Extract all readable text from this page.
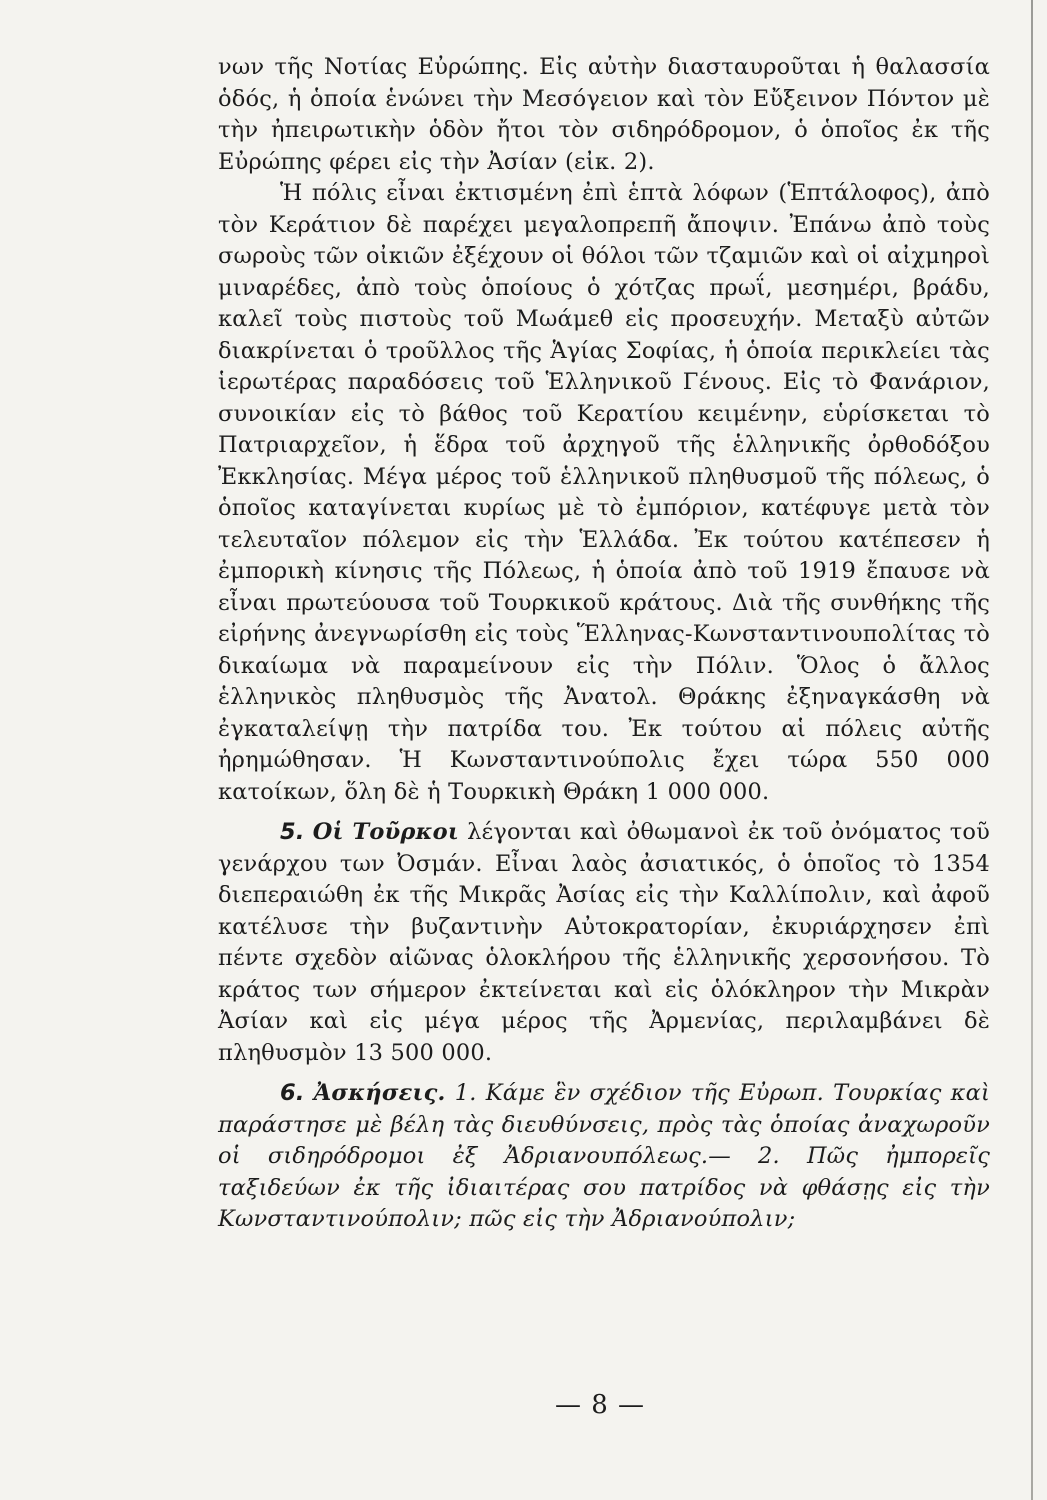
νων τῆς Νοτίας Εὐρώπης. Εἰς αὐτὴν διασταυροῦται ἡ θαλασσία ὁδός, ἡ ὁποία ἑνώνει τὴν Μεσόγειον καὶ τὸν Εὔξεινον Πόντον μὲ τὴν ἠπειρωτικὴν ὁδὸν ἤτοι τὸν σιδηρόδρομον, ὁ ὁποῖος ἐκ τῆς Εὐρώπης φέρει εἰς τὴν Ἀσίαν (εἰκ. 2).

Ἡ πόλις εἶναι ἐκτισμένη ἐπὶ ἑπτὰ λόφων (Ἑπτάλοφος), ἀπὸ τὸν Κεράτιον δὲ παρέχει μεγαλοπρεπῆ ἄποψιν. Ἐπάνω ἀπὸ τοὺς σωροὺς τῶν οἰκιῶν ἐξέχουν οἱ θόλοι τῶν τζαμιῶν καὶ οἱ αἰχμηροὶ μιναρέδες, ἀπὸ τοὺς ὁποίους ὁ χότζας πρωΐ, μεσημέρι, βράδυ, καλεῖ τοὺς πιστοὺς τοῦ Μωάμεθ εἰς προσευχήν. Μεταξὺ αὐτῶν διακρίνεται ὁ τροῦλλος τῆς Ἁγίας Σοφίας, ἡ ὁποία περικλείει τὰς ἱερωτέρας παραδόσεις τοῦ Ἑλληνικοῦ Γένους. Εἰς τὸ Φανάριον, συνοικίαν εἰς τὸ βάθος τοῦ Κερατίου κειμένην, εὑρίσκεται τὸ Πατριαρχεῖον, ἡ ἕδρα τοῦ ἀρχηγοῦ τῆς ἑλληνικῆς ὀρθοδόξου Ἐκκλησίας. Μέγα μέρος τοῦ ἑλληνικοῦ πληθυσμοῦ τῆς πόλεως, ὁ ὁποῖος καταγίνεται κυρίως μὲ τὸ ἐμπόριον, κατέφυγε μετὰ τὸν τελευταῖον πόλεμον εἰς τὴν Ἑλλάδα. Ἐκ τούτου κατέπεσεν ἡ ἐμπορικὴ κίνησις τῆς Πόλεως, ἡ ὁποία ἀπὸ τοῦ 1919 ἔπαυσε νὰ εἶναι πρωτεύουσα τοῦ Τουρκικοῦ κράτους. Διὰ τῆς συνθήκης τῆς εἰρήνης ἀνεγνωρίσθη εἰς τοὺς Ἕλληνας-Κωνσταντινουπολίτας τὸ δικαίωμα νὰ παραμείνουν εἰς τὴν Πόλιν. Ὅλος ὁ ἄλλος ἑλληνικὸς πληθυσμὸς τῆς Ἀνατολ. Θράκης ἐξηναγκάσθη νὰ ἐγκαταλείψῃ τὴν πατρίδα του. Ἐκ τούτου αἱ πόλεις αὐτῆς ἠρημώθησαν. Ἡ Κωνσταντινούπολις ἔχει τώρα 550 000 κατοίκων, ὅλη δὲ ἡ Τουρκικὴ Θράκη 1 000 000.

5. Οἱ Τοῦρκοι λέγονται καὶ ὀθωμανοὶ ἐκ τοῦ ὀνόματος τοῦ γενάρχου των Ὀσμάν. Εἶναι λαὸς ἀσιατικός, ὁ ὁποῖος τὸ 1354 διεπεραιώθη ἐκ τῆς Μικρᾶς Ἀσίας εἰς τὴν Καλλίπολιν, καὶ ἀφοῦ κατέλυσε τὴν βυζαντινὴν Αὐτοκρατορίαν, ἐκυριάρχησεν ἐπὶ πέντε σχεδὸν αἰῶνας ὁλοκλήρου τῆς ἑλληνικῆς χερσονήσου. Τὸ κράτος των σήμερον ἐκτείνεται καὶ εἰς ὁλόκληρον τὴν Μικρὰν Ἀσίαν καὶ εἰς μέγα μέρος τῆς Ἀρμενίας, περιλαμβάνει δὲ πληθυσμὸν 13 500 000.

6. Ἀσκήσεις. 1. Κάμε ἓν σχέδιον τῆς Εὐρωπ. Τουρκίας καὶ παράστησε μὲ βέλη τὰς διευθύνσεις, πρὸς τὰς ὁποίας ἀναχωροῦν οἱ σιδηρόδρομοι ἐξ Ἀδριανουπόλεως.— 2. Πῶς ἠμπορεῖς ταξιδεύων ἐκ τῆς ἰδιαιτέρας σου πατρίδος νὰ φθάσῃς εἰς τὴν Κωνσταντινούπολιν; πῶς εἰς τὴν Ἀδριανούπολιν;

— 8 —
